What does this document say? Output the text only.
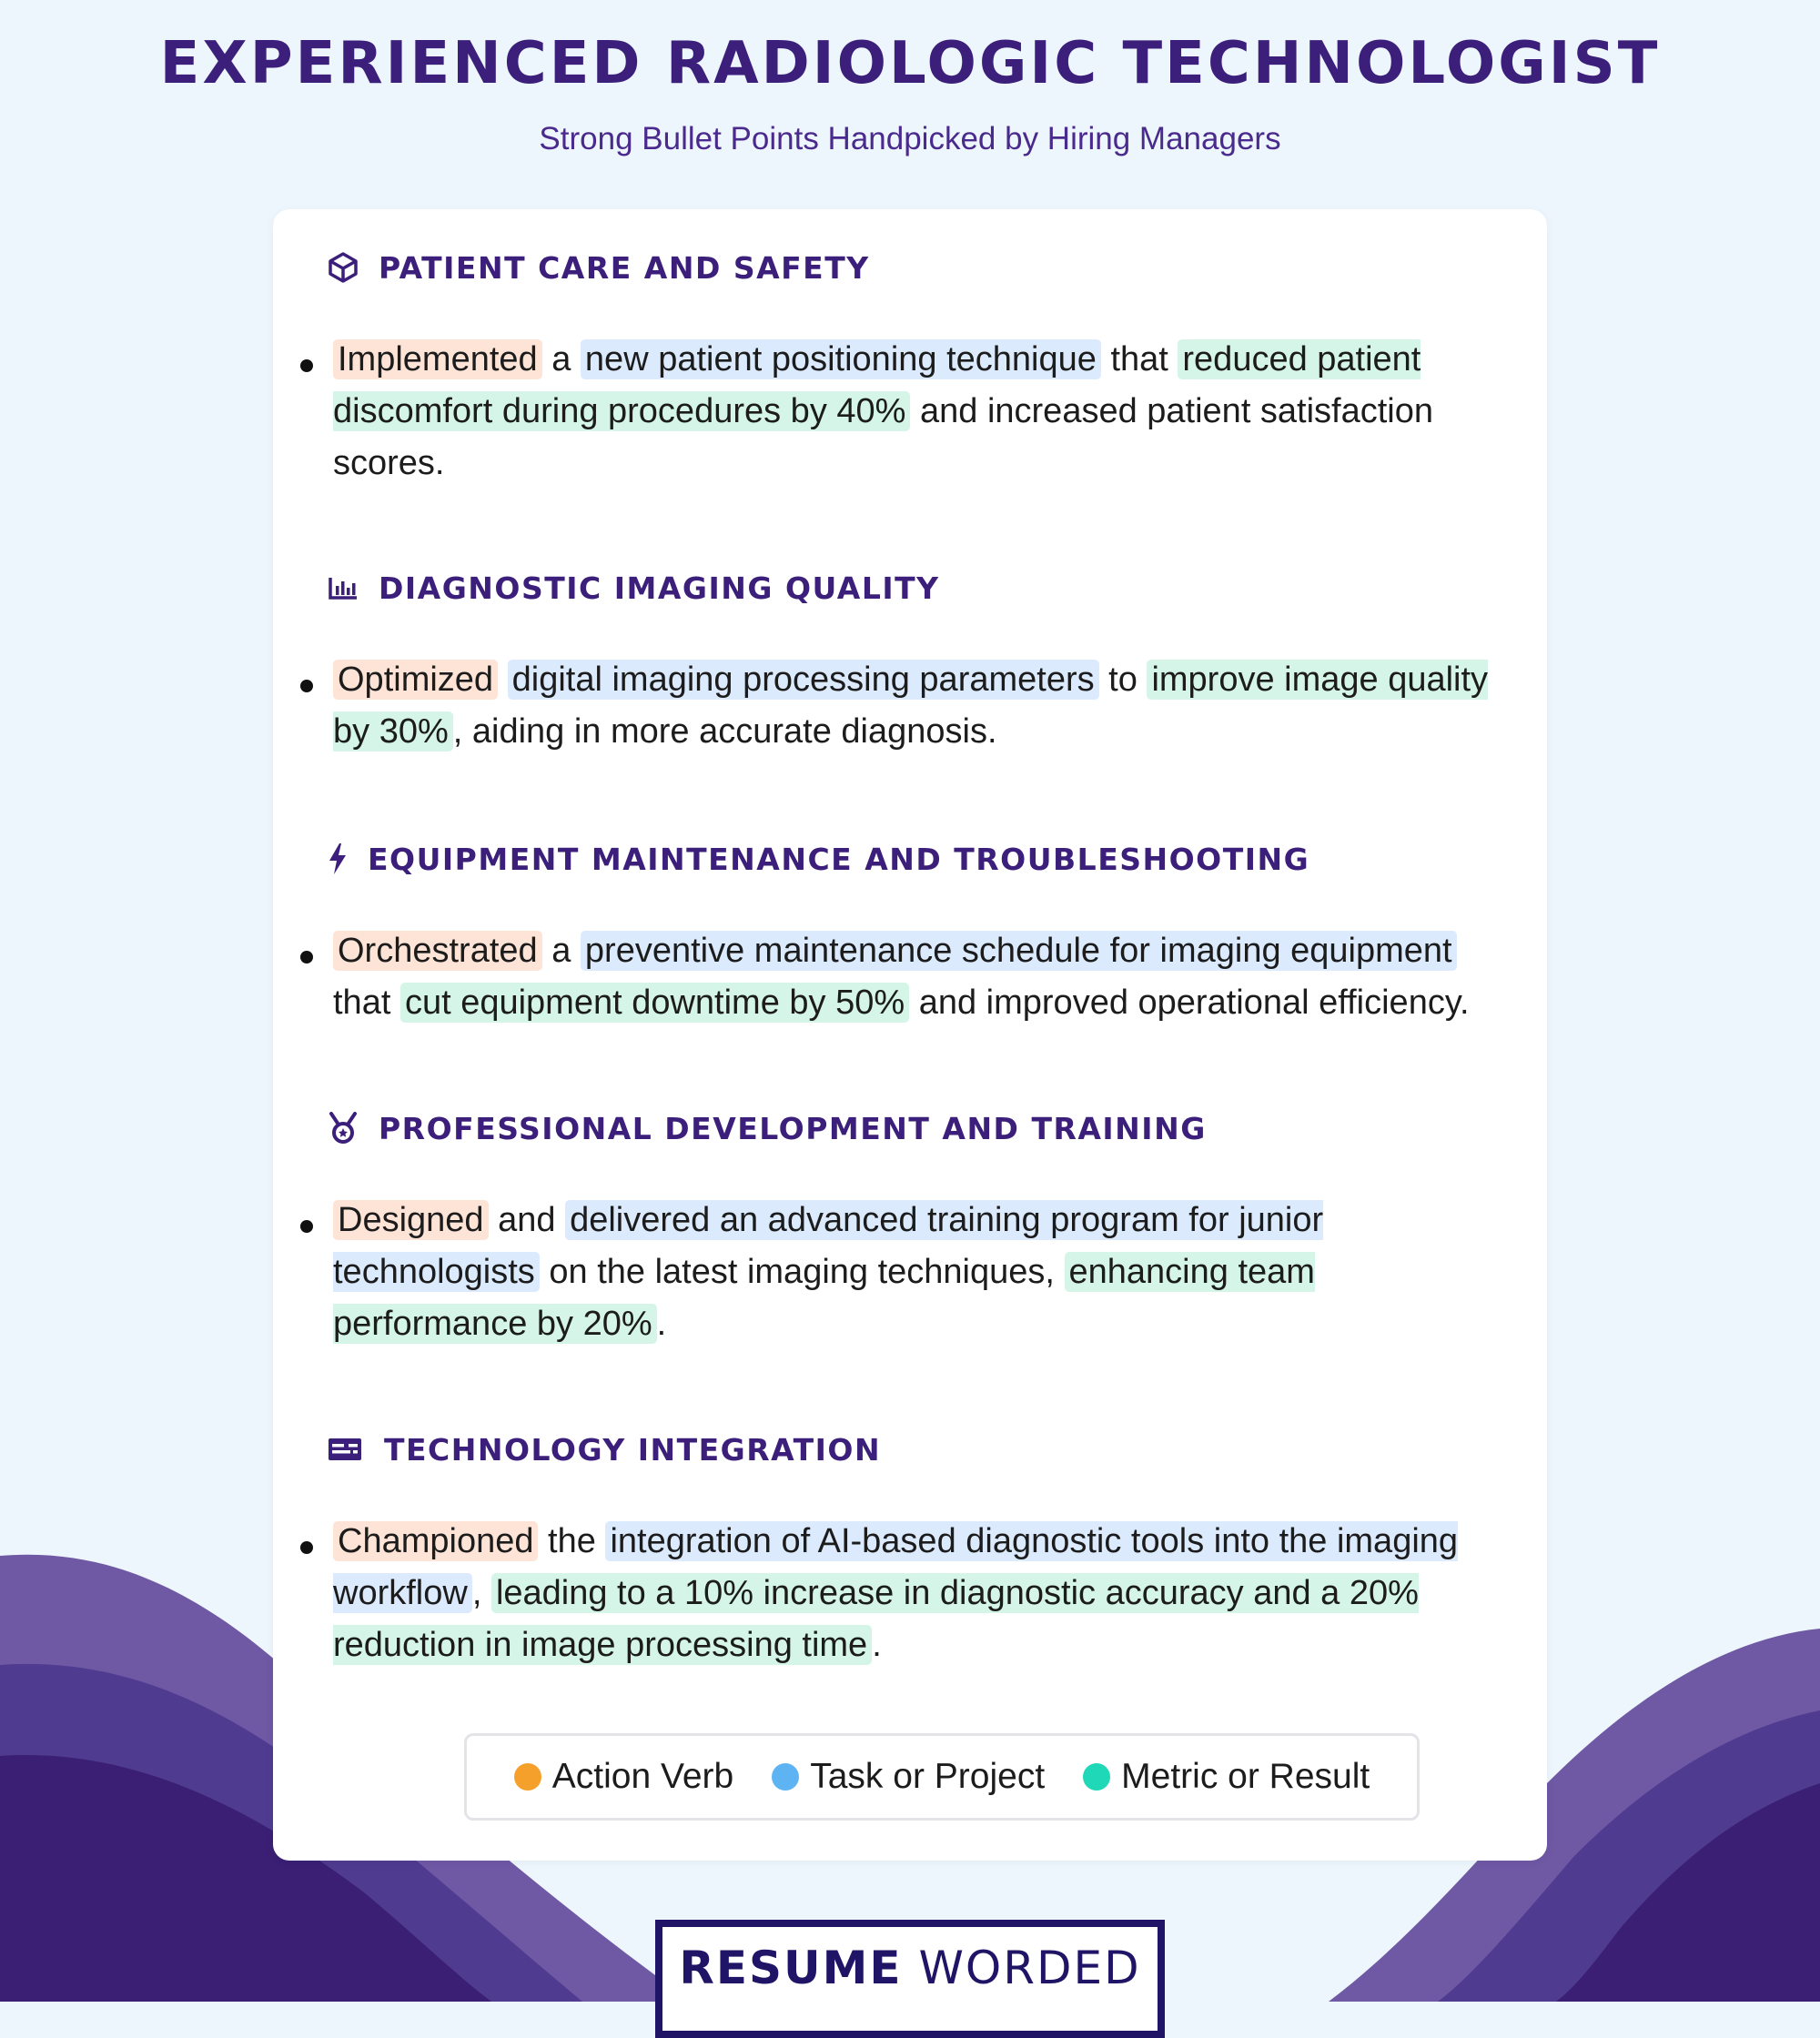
EXPERIENCED RADIOLOGIC TECHNOLOGIST
Strong Bullet Points Handpicked by Hiring Managers
PATIENT CARE AND SAFETY
Implemented a new patient positioning technique that reduced patient discomfort during procedures by 40% and increased patient satisfaction scores.
DIAGNOSTIC IMAGING QUALITY
Optimized digital imaging processing parameters to improve image quality by 30% , aiding in more accurate diagnosis.
EQUIPMENT MAINTENANCE AND TROUBLESHOOTING
Orchestrated a preventive maintenance schedule for imaging equipment that cut equipment downtime by 50% and improved operational efficiency.
PROFESSIONAL DEVELOPMENT AND TRAINING
Designed and delivered an advanced training program for junior technologists on the latest imaging techniques, enhancing team performance by 20% .
TECHNOLOGY INTEGRATION
Championed the integration of AI-based diagnostic tools into the imaging workflow , leading to a 10% increase in diagnostic accuracy and a 20% reduction in image processing time .
Action Verb Task or Project Metric or Result
RESUME WORDED
